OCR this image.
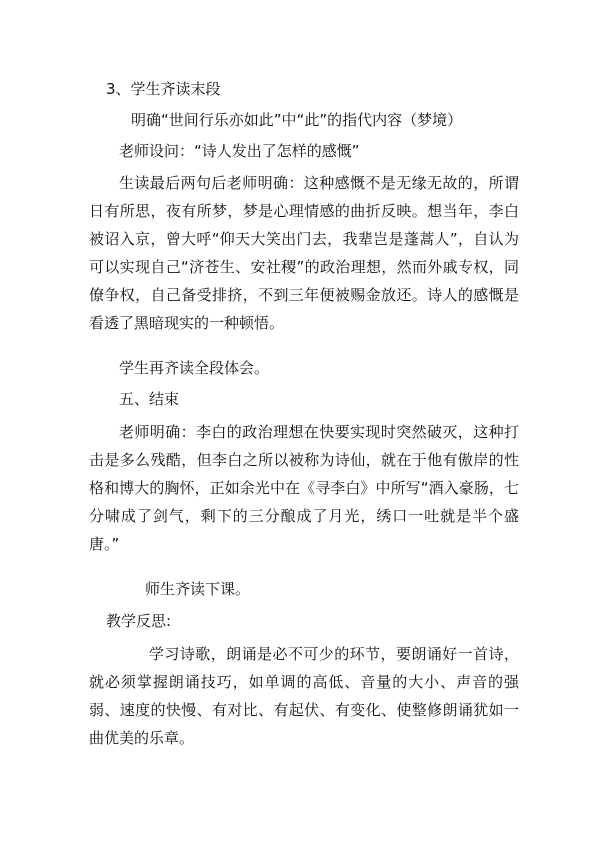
3、学生齐读末段
明确“世间行乐亦如此”中“此”的指代内容（梦境）
老师设问：“诗人发出了怎样的感慨”
生读最后两句后老师明确：这种感慨不是无缘无故的，所谓日有所思，夜有所梦，梦是心理情感的曲折反映。想当年，李白被诏入京，曾大呼“仰天大笑出门去，我辈岂是蓬蒿人”，自认为可以实现自己“济苍生、安社稷”的政治理想，然而外戚专权，同僚争权，自己备受排挤，不到三年便被赐金放还。诗人的感慨是看透了黑暗现实的一种顿悟。
学生再齐读全段体会。
五、结束
老师明确：李白的政治理想在快要实现时突然破灭，这种打击是多么残酷，但李白之所以被称为诗仙，就在于他有傲岸的性格和博大的胸怀，正如余光中在《寻李白》中所写“酒入豪肠，七分啸成了剑气，剩下的三分酿成了月光，绣口一吐就是半个盛唐。”
师生齐读下课。
教学反思:
学习诗歌，朗诵是必不可少的环节，要朗诵好一首诗，就必须掌握朗诵技巧，如单调的高低、音量的大小、声音的强弱、速度的快慢、有对比、有起伏、有变化、使整修朗诵犹如一曲优美的乐章。
